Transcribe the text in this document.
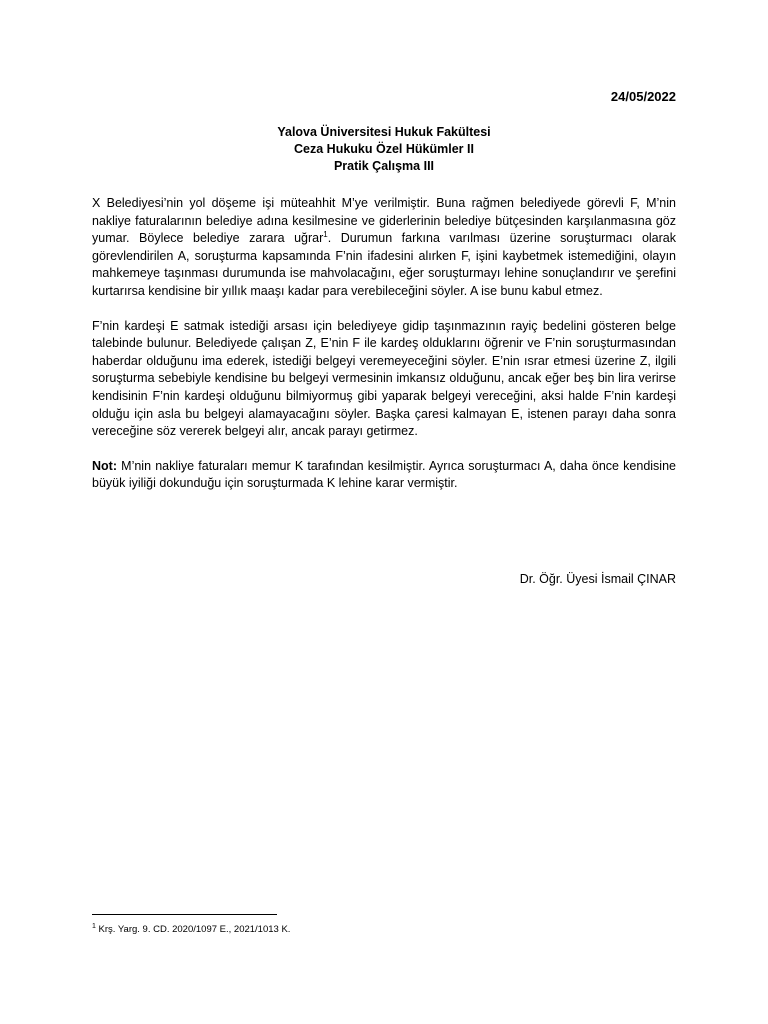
24/05/2022
Yalova Üniversitesi Hukuk Fakültesi
Ceza Hukuku Özel Hükümler II
Pratik Çalışma III

X Belediyesi’nin yol döşeme işi müteahhit M’ye verilmiştir. Buna rağmen belediyede görevli F, M’nin nakliye faturalarının belediye adına kesilmesine ve giderlerinin belediye bütçesinden karşılanmasına göz yumar. Böylece belediye zarara uğrar$^1$. Durumun farkına varılması üzerine soruşturmacı olarak görevlendirilen A, soruşturma kapsamında F’nin ifadesini alırken F, işini kaybetmek istemediğini, olayın mahkemeye taşınması durumunda ise mahvolacağını, eğer soruşturmayı lehine sonuçlandırır ve şerefini kurtarırsa kendisine bir yıllık maaşı kadar para verebileceğini söyler. A ise bunu kabul etmez.

F’nin kardeşi E satmak istediği arsası için belediyeye gidip taşınmazının rayiç bedelini gösteren belge talebinde bulunur. Belediyede çalışan Z, E’nin F ile kardeş olduklarını öğrenir ve F’nin soruşturmasından haberdar olduğunu ima ederek, istediği belgeyi veremeyeceğini söyler. E’nin ısrar etmesi üzerine Z, ilgili soruşturma sebebiyle kendisine bu belgeyi vermesinin imkansız olduğunu, ancak eğer beş bin lira verirse kendisinin F’nin kardeşi olduğunu bilmiyormuş gibi yaparak belgeyi vereceğini, aksi halde F’nin kardeşi olduğu için asla bu belgeyi alamayacağını söyler. Başka çaresi kalmayan E, istenen parayı daha sonra vereceğine söz vererek belgeyi alır, ancak parayı getirmez.

Not: M’nin nakliye faturaları memur K tarafından kesilmiştir. Ayrıca soruşturmacı A, daha önce kendisine büyük iyiliği dokunduğu için soruşturmada K lehine karar vermiştir.

Dr. Öğr. Üyesi İsmail ÇINAR
$^1$ Krş. Yarg. 9. CD. 2020/1097 E., 2021/1013 K.
